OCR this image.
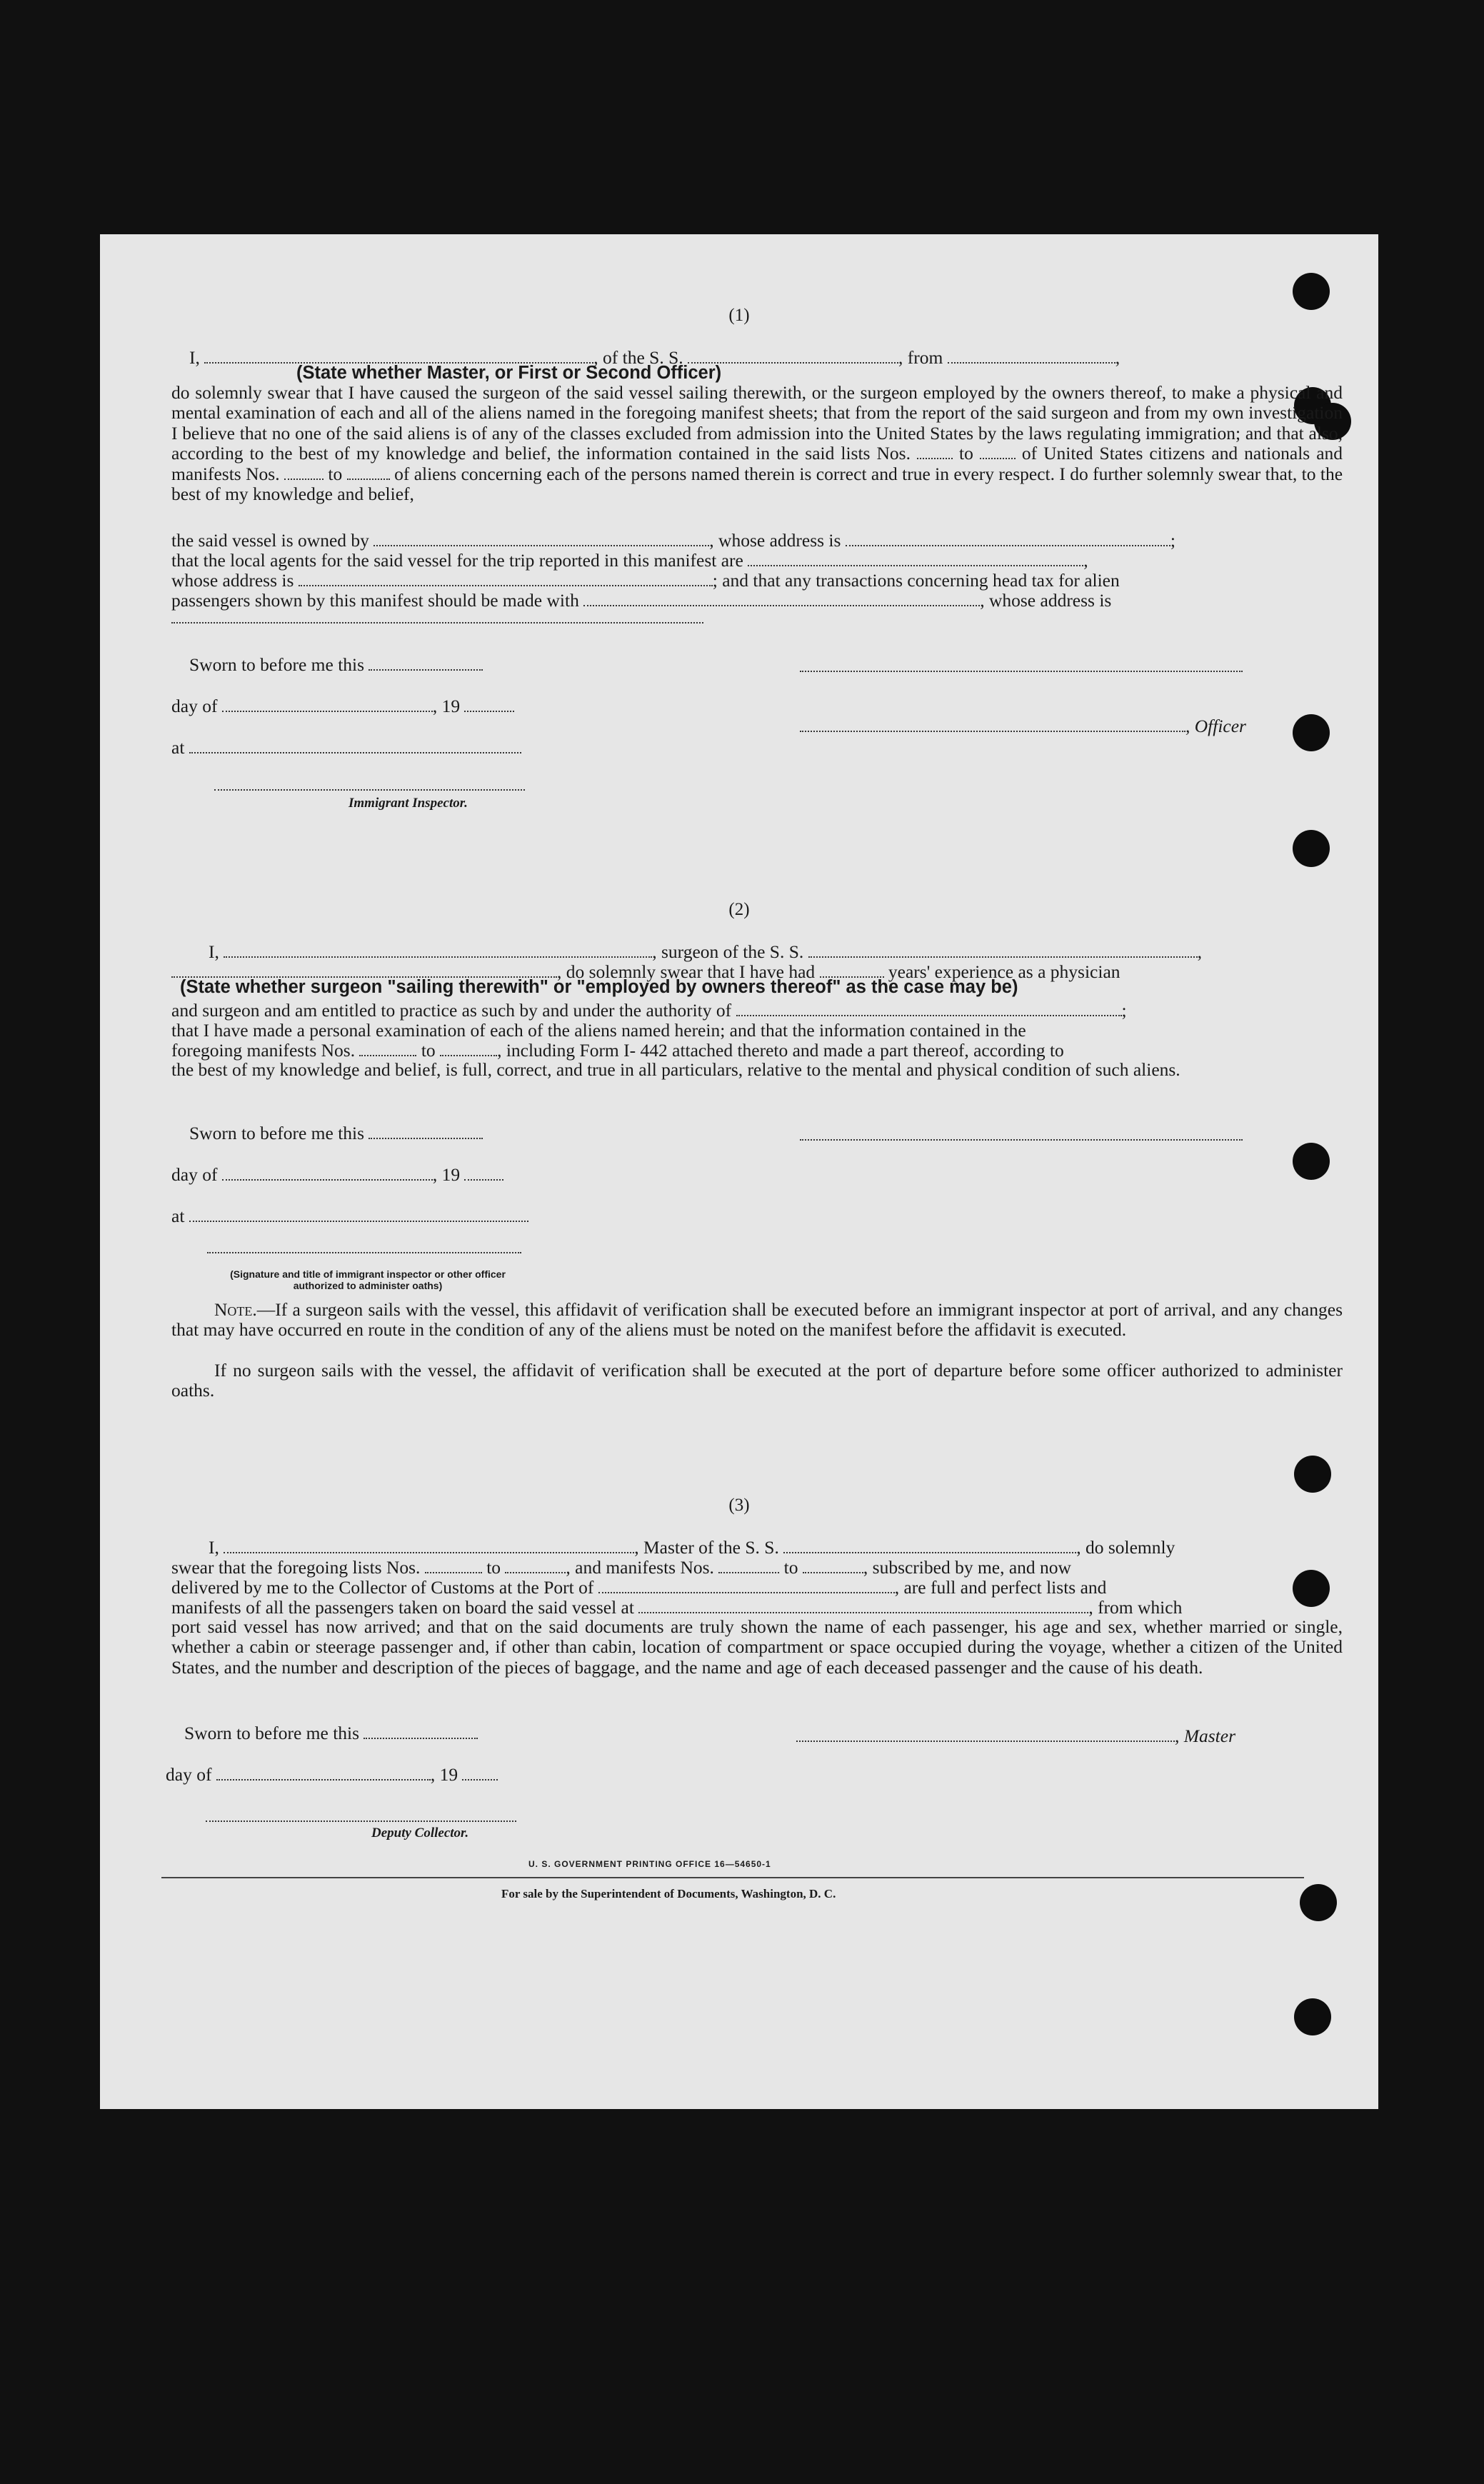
(1)
I,	, of the S. S.	, from	,
(State whether Master, or First or Second Officer)

do solemnly swear that I have caused the surgeon of the said vessel sailing therewith, or the surgeon employed by the owners thereof, to make a physical and mental examination of each and all of the aliens named in the foregoing manifest sheets; that from the report of the said surgeon and from my own investigation I believe that no one of the said aliens is of any of the classes excluded from admission into the United States by the laws regulating immigration; and that also, according to the best of my knowledge and belief, the information contained in the said lists Nos.	to	of United States citizens and nationals and manifests Nos.	to	of aliens concerning each of the persons named therein is correct and true in every respect. I do further solemnly swear that, to the best of my knowledge and belief,

the said vessel is owned by	, whose address is	;
that the local agents for the said vessel for the trip reported in this manifest are	,
whose address is	; and that any transactions concerning head tax for alien
passengers shown by this manifest should be made with	, whose address is
Sworn to before me this
day of	, 19
, Officer
at
Immigrant Inspector.
(2)
I,	, surgeon of the S. S.	,
, do solemnly swear that I have had	years' experience as a physician
(State whether surgeon "sailing therewith" or "employed by owners thereof" as the case may be)
and surgeon and am entitled to practice as such by and under the authority of	;
that I have made a personal examination of each of the aliens named herein; and that the information contained in the
foregoing manifests Nos.	to	, including Form I- 442 attached thereto and made a part thereof, according to

the best of my knowledge and belief, is full, correct, and true in all particulars, relative to the mental and physical condition of such aliens.

Sworn to before me this
day of	, 19
at
(Signature and title of immigrant inspector or other officer authorized to administer oaths)

Note.—If a surgeon sails with the vessel, this affidavit of verification shall be executed before an immigrant inspector at port of arrival, and any changes that may have occurred en route in the condition of any of the aliens must be noted on the manifest before the affidavit is executed.

If no surgeon sails with the vessel, the affidavit of verification shall be executed at the port of departure before some officer authorized to administer oaths.

(3)
I,	, Master of the S. S.	, do solemnly
swear that the foregoing lists Nos.	to	, and manifests Nos.	to	, subscribed by me, and now
delivered by me to the Collector of Customs at the Port of	, are full and perfect lists and
manifests of all the passengers taken on board the said vessel at	, from which

port said vessel has now arrived; and that on the said documents are truly shown the name of each passenger, his age and sex, whether married or single, whether a cabin or steerage passenger and, if other than cabin, location of compartment or space occupied during the voyage, whether a citizen of the United States, and the number and description of the pieces of baggage, and the name and age of each deceased passenger and the cause of his death.

Sworn to before me this	, Master
day of	, 19
Deputy Collector.
U. S. GOVERNMENT PRINTING OFFICE 16—54650-1
For sale by the Superintendent of Documents, Washington, D. C.
